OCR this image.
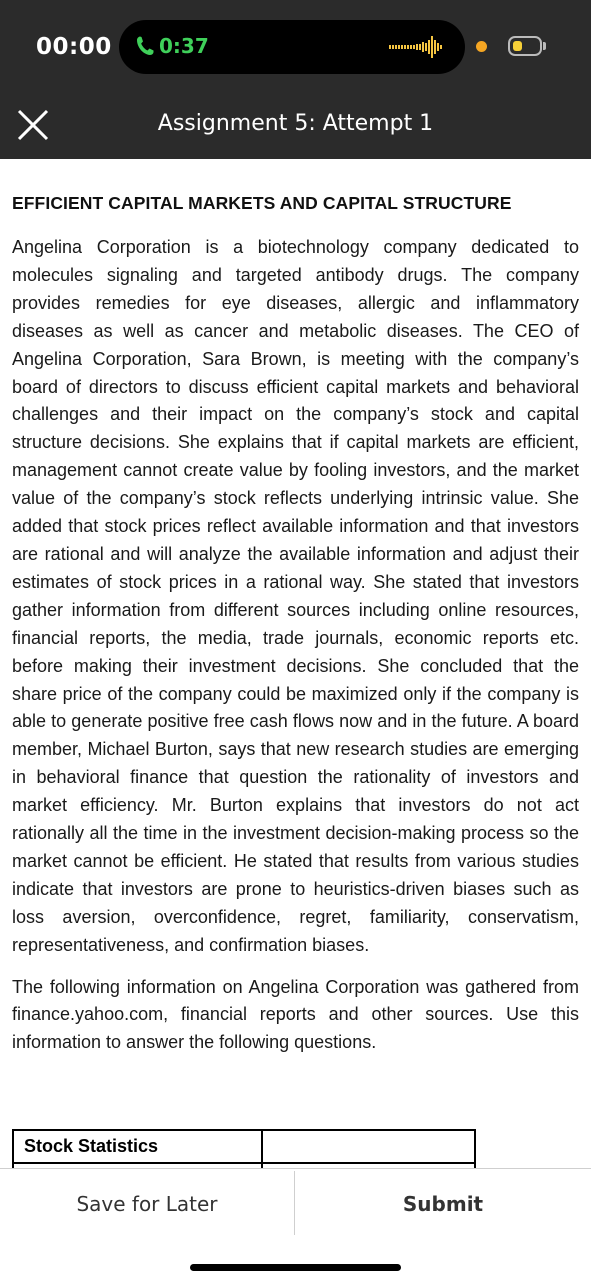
00:00 0:37
Assignment 5: Attempt 1
EFFICIENT CAPITAL MARKETS AND CAPITAL STRUCTURE

Angelina Corporation is a biotechnology company dedicated to molecules signaling and targeted antibody drugs. The company provides remedies for eye diseases, allergic and inflammatory diseases as well as cancer and metabolic diseases. The CEO of Angelina Corporation, Sara Brown, is meeting with the company’s board of directors to discuss efficient capital markets and behavioral challenges and their impact on the company’s stock and capital structure decisions. She explains that if capital markets are efficient, management cannot create value by fooling investors, and the market value of the company’s stock reflects underlying intrinsic value. She added that stock prices reflect available information and that investors are rational and will analyze the available information and adjust their estimates of stock prices in a rational way. She stated that investors gather information from different sources including online resources, financial reports, the media, trade journals, economic reports etc. before making their investment decisions. She concluded that the share price of the company could be maximized only if the company is able to generate positive free cash flows now and in the future. A board member, Michael Burton, says that new research studies are emerging in behavioral finance that question the rationality of investors and market efficiency. Mr. Burton explains that investors do not act rationally all the time in the investment decision-making process so the market cannot be efficient. He stated that results from various studies indicate that investors are prone to heuristics-driven biases such as loss aversion, overconfidence, regret, familiarity, conservatism, representativeness, and confirmation biases.

The following information on Angelina Corporation was gathered from finance.yahoo.com, financial reports and other sources. Use this information to answer the following questions.

Stock Statistics	

Save for Later	Submit
